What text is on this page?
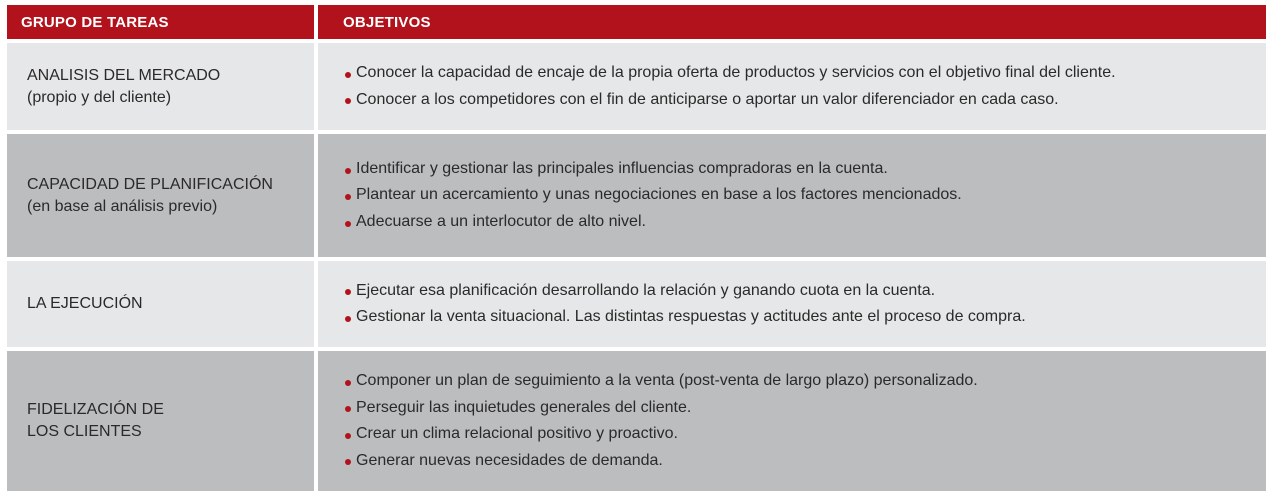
GRUPO DE TAREAS	OBJETIVOS
ANALISIS DEL MERCADO
(propio y del cliente)
Conocer la capacidad de encaje de la propia oferta de productos y servicios con el objetivo final del cliente.
Conocer a los competidores con el fin de anticiparse o aportar un valor diferenciador en cada caso.
CAPACIDAD DE PLANIFICACIÓN
(en base al análisis previo)
Identificar y gestionar las principales influencias compradoras en la cuenta.
Plantear un acercamiento y unas negociaciones en base a los factores mencionados.
Adecuarse a un interlocutor de alto nivel.
LA EJECUCIÓN
Ejecutar esa planificación desarrollando la relación y ganando cuota en la cuenta.
Gestionar la venta situacional. Las distintas respuestas y actitudes ante el proceso de compra.
FIDELIZACIÓN DE
LOS CLIENTES
Componer un plan de seguimiento a la venta (post-venta de largo plazo) personalizado.
Perseguir las inquietudes generales del cliente.
Crear un clima relacional positivo y proactivo.
Generar nuevas necesidades de demanda.
